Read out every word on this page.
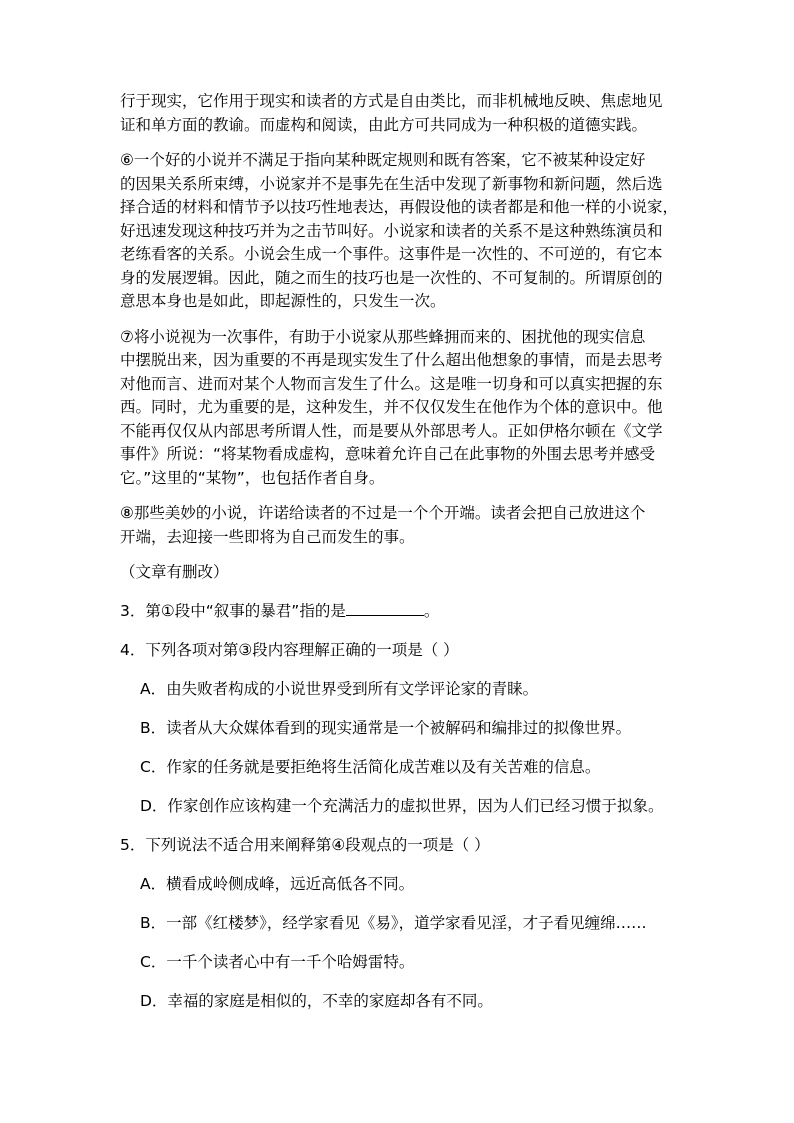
行于现实，它作用于现实和读者的方式是自由类比，而非机械地反映、焦虑地见
证和单方面的教谕。而虚构和阅读，由此方可共同成为一种积极的道德实践。
⑥一个好的小说并不满足于指向某种既定规则和既有答案，它不被某种设定好
的因果关系所束缚，小说家并不是事先在生活中发现了新事物和新问题，然后选
择合适的材料和情节予以技巧性地表达，再假设他的读者都是和他一样的小说家，
好迅速发现这种技巧并为之击节叫好。小说家和读者的关系不是这种熟练演员和
老练看客的关系。小说会生成一个事件。这事件是一次性的、不可逆的，有它本
身的发展逻辑。因此，随之而生的技巧也是一次性的、不可复制的。所谓原创的
意思本身也是如此，即起源性的，只发生一次。
⑦将小说视为一次事件，有助于小说家从那些蜂拥而来的、困扰他的现实信息
中摆脱出来，因为重要的不再是现实发生了什么超出他想象的事情，而是去思考
对他而言、进而对某个人物而言发生了什么。这是唯一切身和可以真实把握的东
西。同时，尤为重要的是，这种发生，并不仅仅发生在他作为个体的意识中。他
不能再仅仅从内部思考所谓人性，而是要从外部思考人。正如伊格尔顿在《文学
事件》所说：“将某物看成虚构，意味着允许自己在此事物的外围去思考并感受
它。”这里的“某物”，也包括作者自身。
⑧那些美妙的小说，许诺给读者的不过是一个个开端。读者会把自己放进这个
开端，去迎接一些即将为自己而发生的事。
（文章有删改）
3．第①段中“叙事的暴君”指的是	。
4．下列各项对第③段内容理解正确的一项是（ ）
A．由失败者构成的小说世界受到所有文学评论家的青睐。
B．读者从大众媒体看到的现实通常是一个被解码和编排过的拟像世界。
C．作家的任务就是要拒绝将生活简化成苦难以及有关苦难的信息。
D．作家创作应该构建一个充满活力的虚拟世界，因为人们已经习惯于拟象。
5．下列说法不适合用来阐释第④段观点的一项是（ ）
A．横看成岭侧成峰，远近高低各不同。
B．一部《红楼梦》，经学家看见《易》，道学家看见淫，才子看见缠绵……
C．一千个读者心中有一千个哈姆雷特。
D．幸福的家庭是相似的，不幸的家庭却各有不同。
